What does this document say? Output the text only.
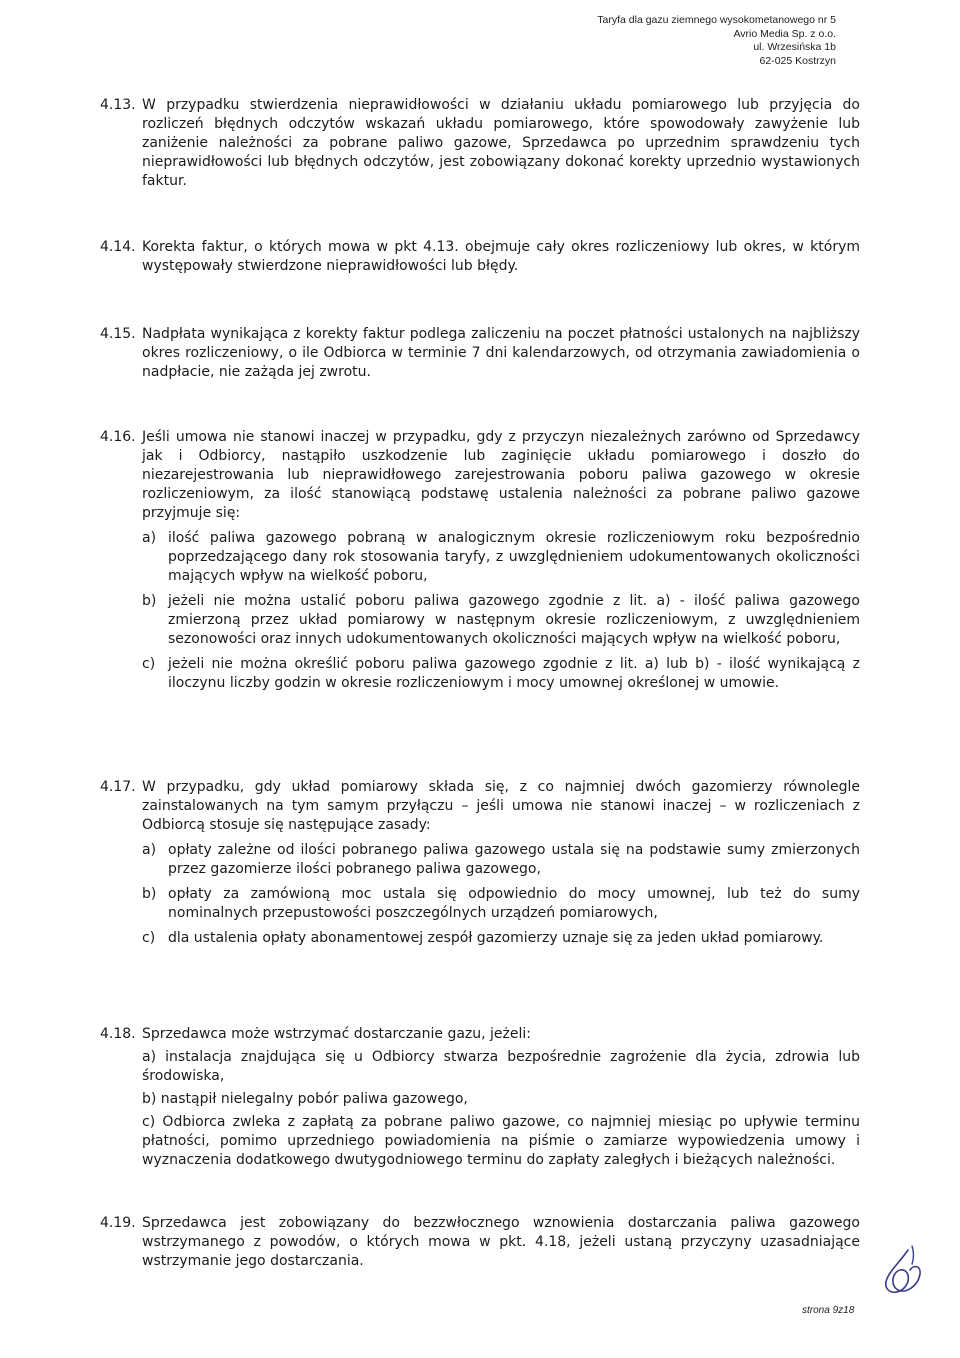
Taryfa dla gazu ziemnego wysokometanowego nr 5
Avrio Media Sp. z o.o.
ul. Wrzesińska 1b
62-025 Kostrzyn
4.13. W przypadku stwierdzenia nieprawidłowości w działaniu układu pomiarowego lub przyjęcia do rozliczeń błędnych odczytów wskazań układu pomiarowego, które spowodowały zawyżenie lub zaniżenie należności za pobrane paliwo gazowe, Sprzedawca po uprzednim sprawdzeniu tych nieprawidłowości lub błędnych odczytów, jest zobowiązany dokonać korekty uprzednio wystawionych faktur.
4.14. Korekta faktur, o których mowa w pkt 4.13. obejmuje cały okres rozliczeniowy lub okres, w którym występowały stwierdzone nieprawidłowości lub błędy.
4.15. Nadpłata wynikająca z korekty faktur podlega zaliczeniu na poczet płatności ustalonych na najbliższy okres rozliczeniowy, o ile Odbiorca w terminie 7 dni kalendarzowych, od otrzymania zawiadomienia o nadpłacie, nie zażąda jej zwrotu.
4.16. Jeśli umowa nie stanowi inaczej w przypadku, gdy z przyczyn niezależnych zarówno od Sprzedawcy jak i Odbiorcy, nastąpiło uszkodzenie lub zaginięcie układu pomiarowego i doszło do niezarejestrowania lub nieprawidłowego zarejestrowania poboru paliwa gazowego w okresie rozliczeniowym, za ilość stanowiącą podstawę ustalenia należności za pobrane paliwo gazowe przyjmuje się:
a) ilość paliwa gazowego pobraną w analogicznym okresie rozliczeniowym roku bezpośrednio poprzedzającego dany rok stosowania taryfy, z uwzględnieniem udokumentowanych okoliczności mających wpływ na wielkość poboru,
b) jeżeli nie można ustalić poboru paliwa gazowego zgodnie z lit. a) - ilość paliwa gazowego zmierzoną przez układ pomiarowy w następnym okresie rozliczeniowym, z uwzględnieniem sezonowości oraz innych udokumentowanych okoliczności mających wpływ na wielkość poboru,
c) jeżeli nie można określić poboru paliwa gazowego zgodnie z lit. a) lub b) - ilość wynikającą z iloczynu liczby godzin w okresie rozliczeniowym i mocy umownej określonej w umowie.
4.17. W przypadku, gdy układ pomiarowy składa się, z co najmniej dwóch gazomierzy równolegle zainstalowanych na tym samym przyłączu – jeśli umowa nie stanowi inaczej – w rozliczeniach z Odbiorcą stosuje się następujące zasady:
a) opłaty zależne od ilości pobranego paliwa gazowego ustala się na podstawie sumy zmierzonych przez gazomierze ilości pobranego paliwa gazowego,
b) opłaty za zamówioną moc ustala się odpowiednio do mocy umownej, lub też do sumy nominalnych przepustowości poszczególnych urządzeń pomiarowych,
c) dla ustalenia opłaty abonamentowej zespół gazomierzy uznaje się za jeden układ pomiarowy.
4.18. Sprzedawca może wstrzymać dostarczanie gazu, jeżeli:
a) instalacja znajdująca się u Odbiorcy stwarza bezpośrednie zagrożenie dla życia, zdrowia lub środowiska,
b) nastąpił nielegalny pobór paliwa gazowego,
c) Odbiorca zwleka z zapłatą za pobrane paliwo gazowe, co najmniej miesiąc po upływie terminu płatności, pomimo uprzedniego powiadomienia na piśmie o zamiarze wypowiedzenia umowy i wyznaczenia dodatkowego dwutygodniowego terminu do zapłaty zaległych i bieżących należności.
4.19. Sprzedawca jest zobowiązany do bezzwłocznego wznowienia dostarczania paliwa gazowego wstrzymanego z powodów, o których mowa w pkt. 4.18, jeżeli ustaną przyczyny uzasadniające wstrzymanie jego dostarczania.
strona 9z18
